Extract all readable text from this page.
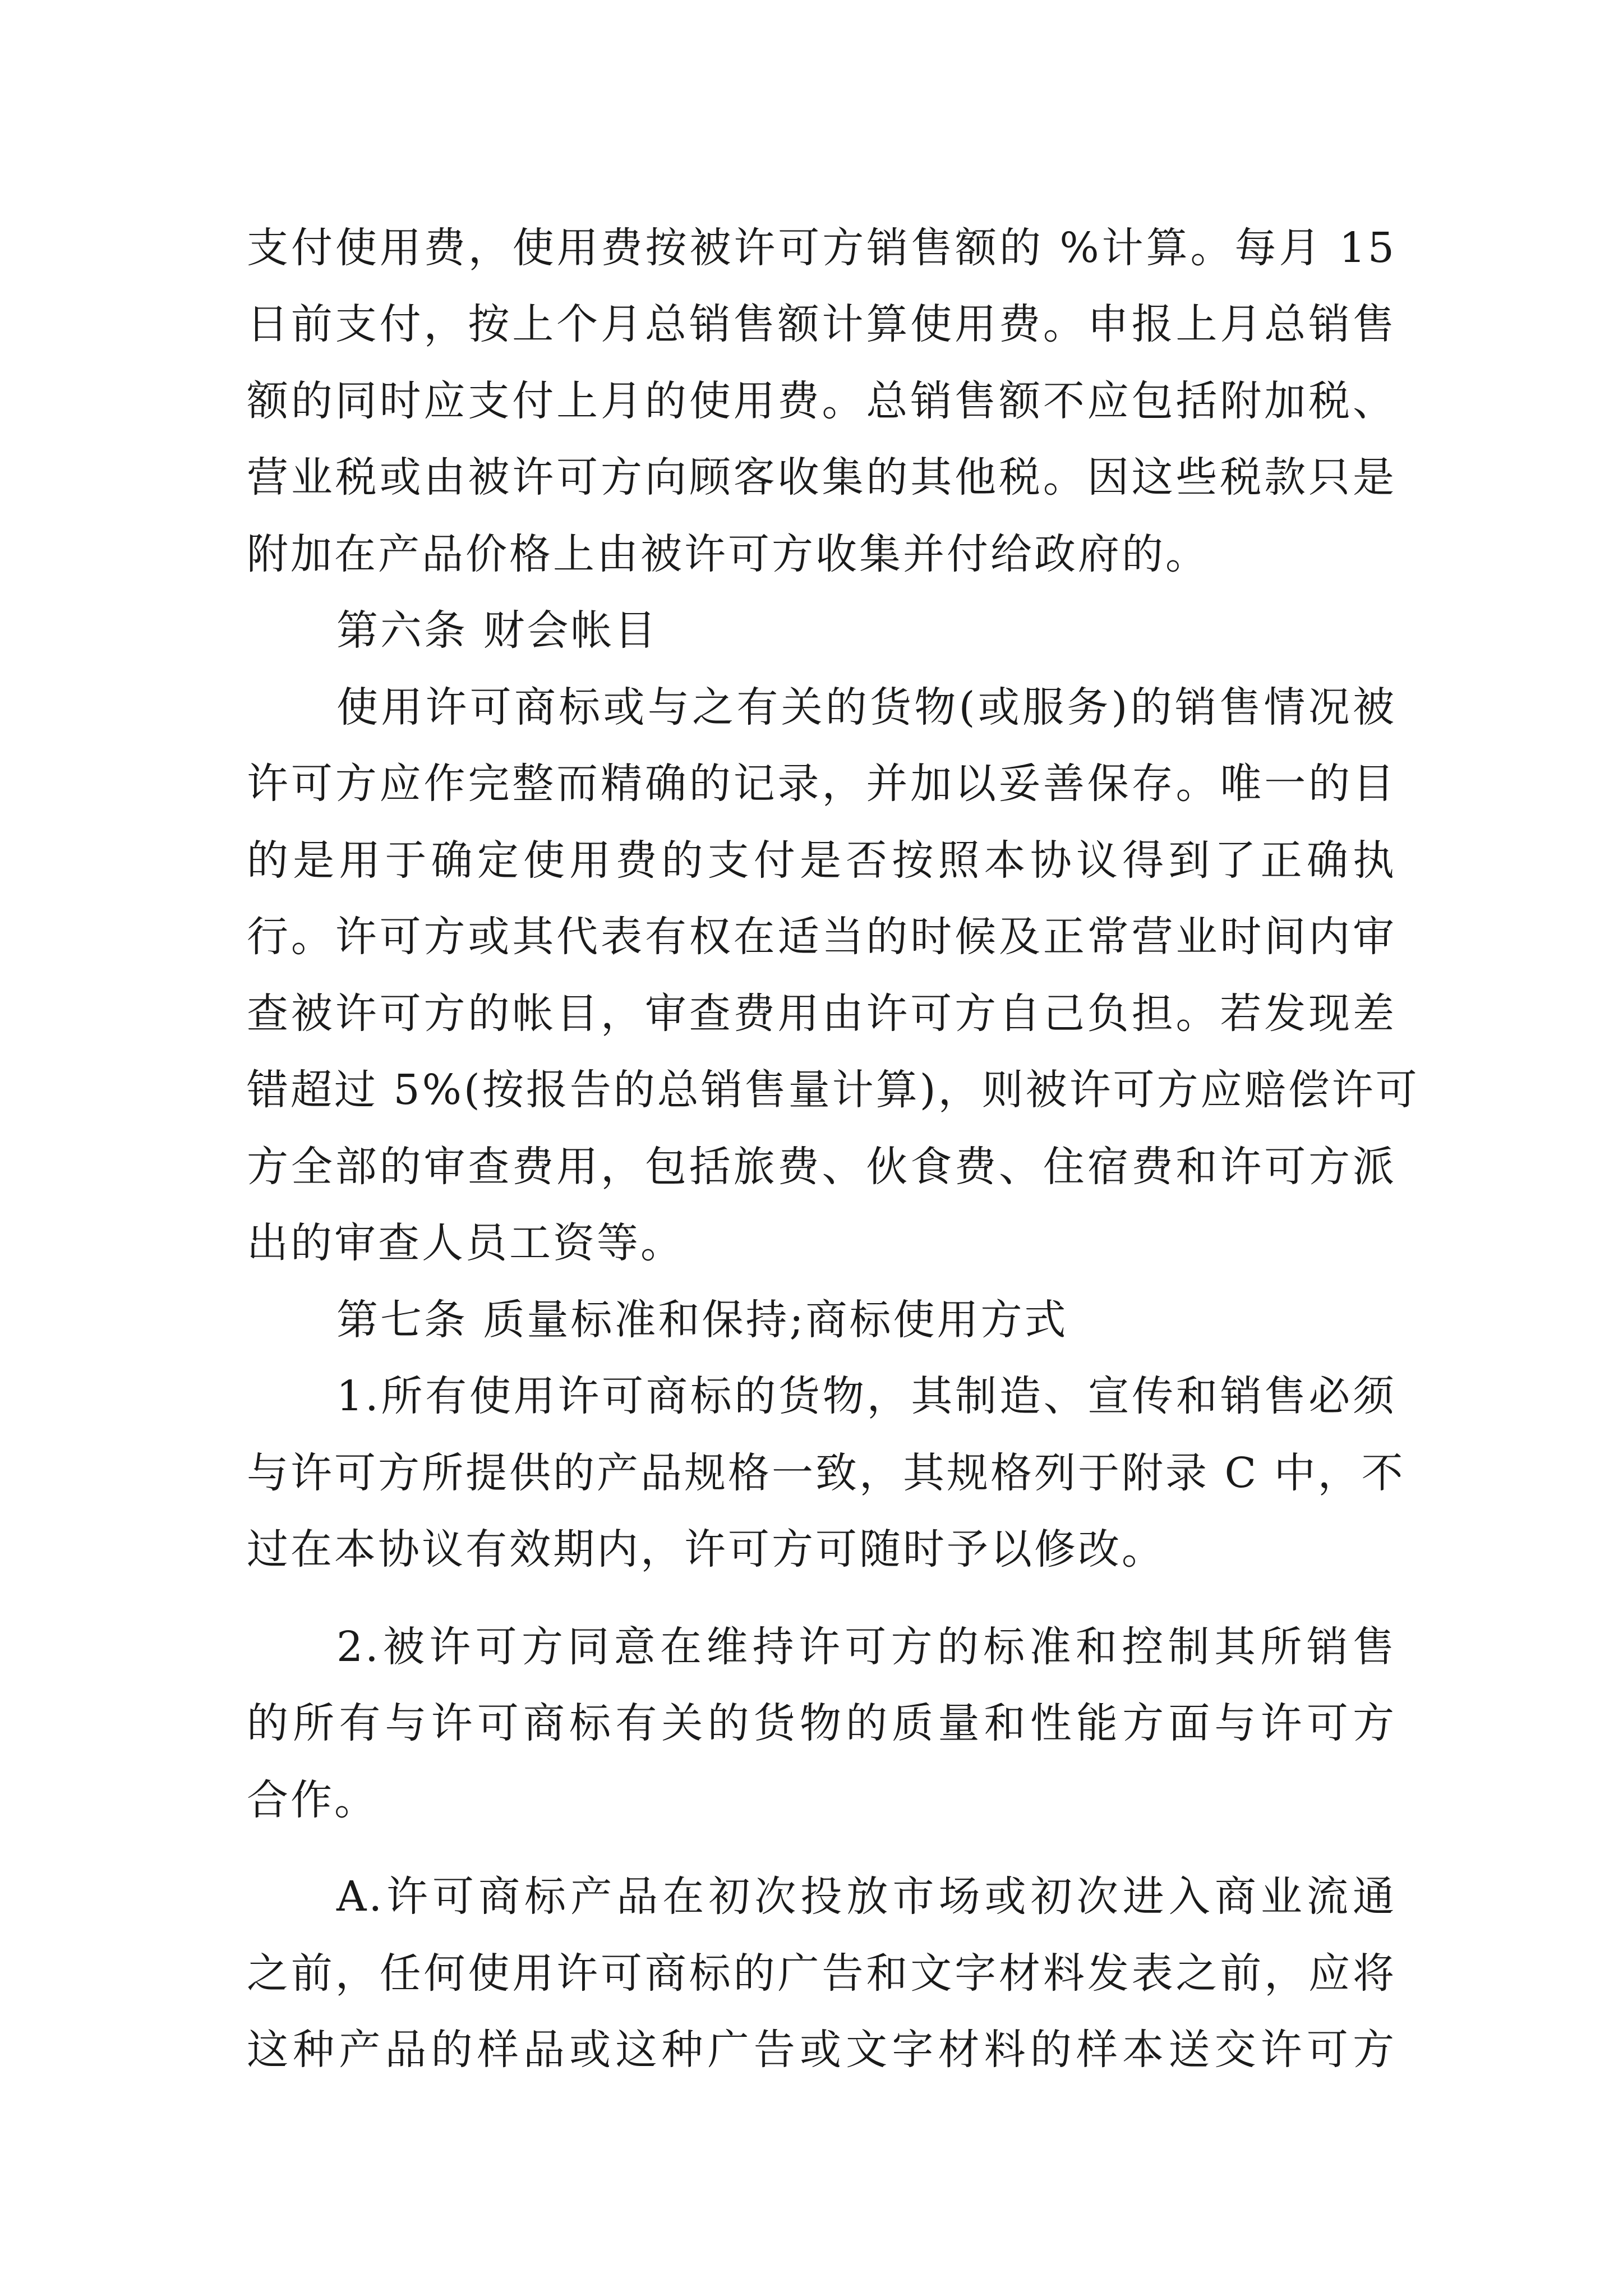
支付使用费，使用费按被许可方销售额的 %计算。每月 15
日前支付，按上个月总销售额计算使用费。申报上月总销售
额的同时应支付上月的使用费。总销售额不应包括附加税、
营业税或由被许可方向顾客收集的其他税。因这些税款只是
附加在产品价格上由被许可方收集并付给政府的。
第六条 财会帐目
使用许可商标或与之有关的货物(或服务)的销售情况被
许可方应作完整而精确的记录，并加以妥善保存。唯一的目
的是用于确定使用费的支付是否按照本协议得到了正确执
行。许可方或其代表有权在适当的时候及正常营业时间内审
查被许可方的帐目，审查费用由许可方自己负担。若发现差
错超过 5%(按报告的总销售量计算)，则被许可方应赔偿许可
方全部的审查费用，包括旅费、伙食费、住宿费和许可方派
出的审查人员工资等。
第七条 质量标准和保持;商标使用方式
1.所有使用许可商标的货物，其制造、宣传和销售必须
与许可方所提供的产品规格一致，其规格列于附录 C 中，不
过在本协议有效期内，许可方可随时予以修改。
2.被许可方同意在维持许可方的标准和控制其所销售
的所有与许可商标有关的货物的质量和性能方面与许可方
合作。
A.许可商标产品在初次投放市场或初次进入商业流通
之前，任何使用许可商标的广告和文字材料发表之前，应将
这种产品的样品或这种广告或文字材料的样本送交许可方
